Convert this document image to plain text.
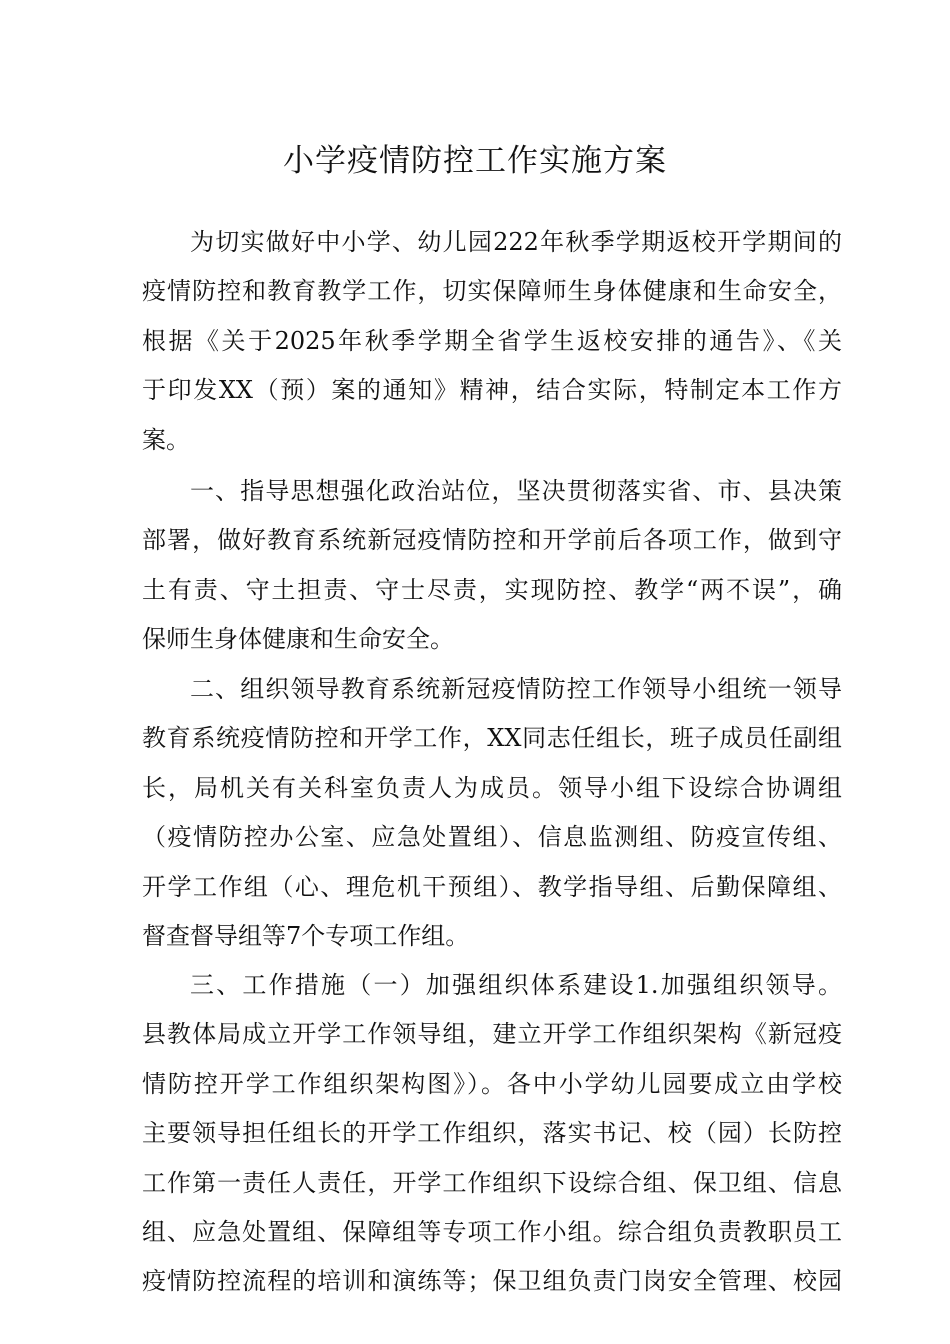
小学疫情防控工作实施方案
为切实做好中小学、幼儿园222年秋季学期返校开学期间的
疫情防控和教育教学工作，切实保障师生身体健康和生命安全，
根据《关于2025年秋季学期全省学生返校安排的通告》、《关
于印发XX（预）案的通知》精神，结合实际，特制定本工作方
案。
一、指导思想强化政治站位，坚决贯彻落实省、市、县决策
部署，做好教育系统新冠疫情防控和开学前后各项工作，做到守
土有责、守土担责、守士尽责，实现防控、教学“两不误”，确
保师生身体健康和生命安全。
二、组织领导教育系统新冠疫情防控工作领导小组统一领导
教育系统疫情防控和开学工作，XX同志任组长，班子成员任副组
长，局机关有关科室负责人为成员。领导小组下设综合协调组
（疫情防控办公室、应急处置组）、信息监测组、防疫宣传组、
开学工作组（心、理危机干预组）、教学指导组、后勤保障组、
督查督导组等7个专项工作组。
三、工作措施（一）加强组织体系建设1.加强组织领导。
县教体局成立开学工作领导组，建立开学工作组织架构《新冠疫
情防控开学工作组织架构图》）。各中小学幼儿园要成立由学校
主要领导担任组长的开学工作组织，落实书记、校（园）长防控
工作第一责任人责任，开学工作组织下设综合组、保卫组、信息
组、应急处置组、保障组等专项工作小组。综合组负责教职员工
疫情防控流程的培训和演练等；保卫组负责门岗安全管理、校园
